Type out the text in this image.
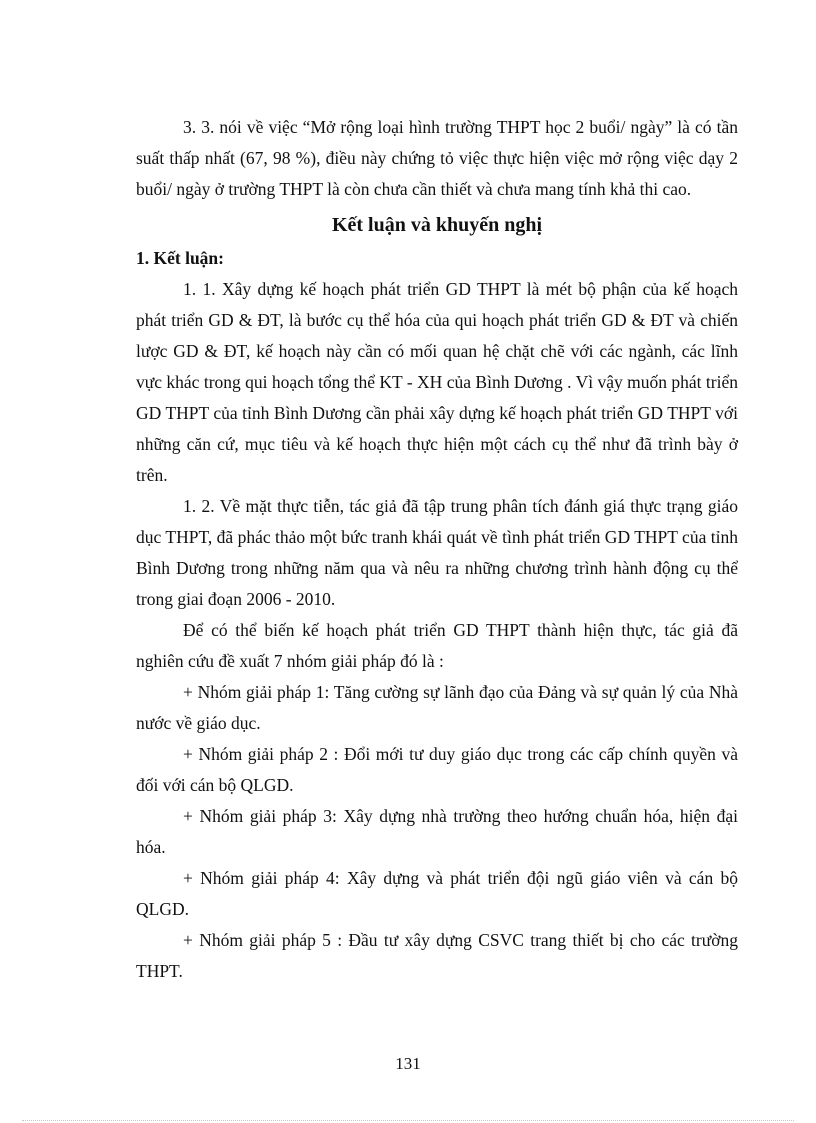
3. 3. nói về việc “Mở rộng loại hình trường THPT học 2 buổi/ ngày” là có tần suất thấp nhất (67, 98 %), điều này chứng tỏ việc thực hiện việc mở rộng việc dạy 2 buổi/ ngày ở trường THPT là còn chưa cần thiết và chưa mang tính khả thi cao.

Kết luận và khuyến nghị
1. Kết luận:

1. 1. Xây dựng kế hoạch phát triển GD THPT là mét bộ phận của kế hoạch phát triển GD & ĐT, là bước cụ thể hóa của qui hoạch phát triển GD & ĐT và chiến lược GD & ĐT, kế hoạch này cần có mối quan hệ chặt chẽ với các ngành, các lĩnh vực khác trong qui hoạch tổng thể KT - XH của Bình Dương . Vì vậy muốn phát triển GD THPT của tỉnh Bình Dương cần phải xây dựng kế hoạch phát triển GD THPT với những căn cứ, mục tiêu và kế hoạch thực hiện một cách cụ thể như đã trình bày ở trên.

1. 2. Về mặt thực tiễn, tác giả đã tập trung phân tích đánh giá thực trạng giáo dục THPT, đã phác thảo một bức tranh khái quát về tình phát triển GD THPT của tỉnh Bình Dương trong những năm qua và nêu ra những chương trình hành động cụ thể trong giai đoạn 2006 - 2010.

Để có thể biến kế hoạch phát triển GD THPT thành hiện thực, tác giả đã nghiên cứu đề xuất 7 nhóm giải pháp đó là :

+ Nhóm giải pháp 1: Tăng cường sự lãnh đạo của Đảng và sự quản lý của Nhà nước về giáo dục.

+ Nhóm giải pháp 2 : Đổi mới tư duy giáo dục trong các cấp chính quyền và đối với cán bộ QLGD.

+ Nhóm giải pháp 3: Xây dựng nhà trường theo hướng chuẩn hóa, hiện đại hóa.

+ Nhóm giải pháp 4: Xây dựng và phát triển đội ngũ giáo viên và cán bộ QLGD.

+ Nhóm giải pháp 5 : Đầu tư xây dựng CSVC trang thiết bị cho các trường THPT.

131
